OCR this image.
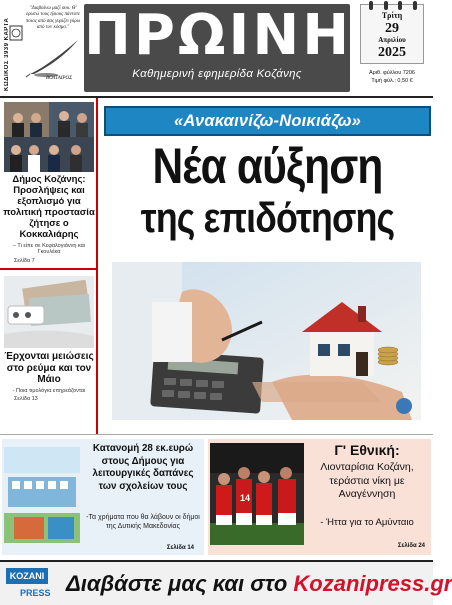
ΚΩΔΙΚΟΣ 3939 ΚΑΡΤΑ
"Διαβαίνω μαζί σου. Θ' ερωτώ τους ήλιους πάντοτε ποιος από σας γυρίζει γύρω από τον κόσμο."
ΒΟΛΤΑΙΡΟΣ
ΠΡΩΙΝΗ
Καθημερινή εφημερίδα Κοζάνης
Τρίτη
29
Απριλίου
2025
Αριθ. φύλλου 7206
Τιμή φύλ.: 0,50 €
Δήμος Κοζάνης: Προσλήψεις και εξοπλισμό για πολιτική προστασία ζήτησε ο Κοκκαλιάρης
– Τι είπε σε Κεφαλογιάννη και Γκουλέκα
Σελίδα 7
Έρχονται μειώσεις στο ρεύμα και τον Μάιο
- Ποια τιμολόγια επηρεάζονται
Σελίδα 13
«Ανακαινίζω-Νοικιάζω»
Νέα αύξηση
της επιδότησης
Κατανομή 28 εκ.ευρώ στους Δήμους για λειτουργικές δαπάνες των σχολείων τους
-Τα χρήματα που θα λάβουν οι δήμοι της Δυτικής Μακεδονίας
Σελίδα 14
14
Γ' Εθνική:
Λιονταρίσια Κοζάνη, τεράστια νίκη με Αναγέννηση
- Ήττα για το Αμύνταιο
Σελίδα 24
KOZANI
PRESS Διαβάστε μας και στο Kozanipress.gr
